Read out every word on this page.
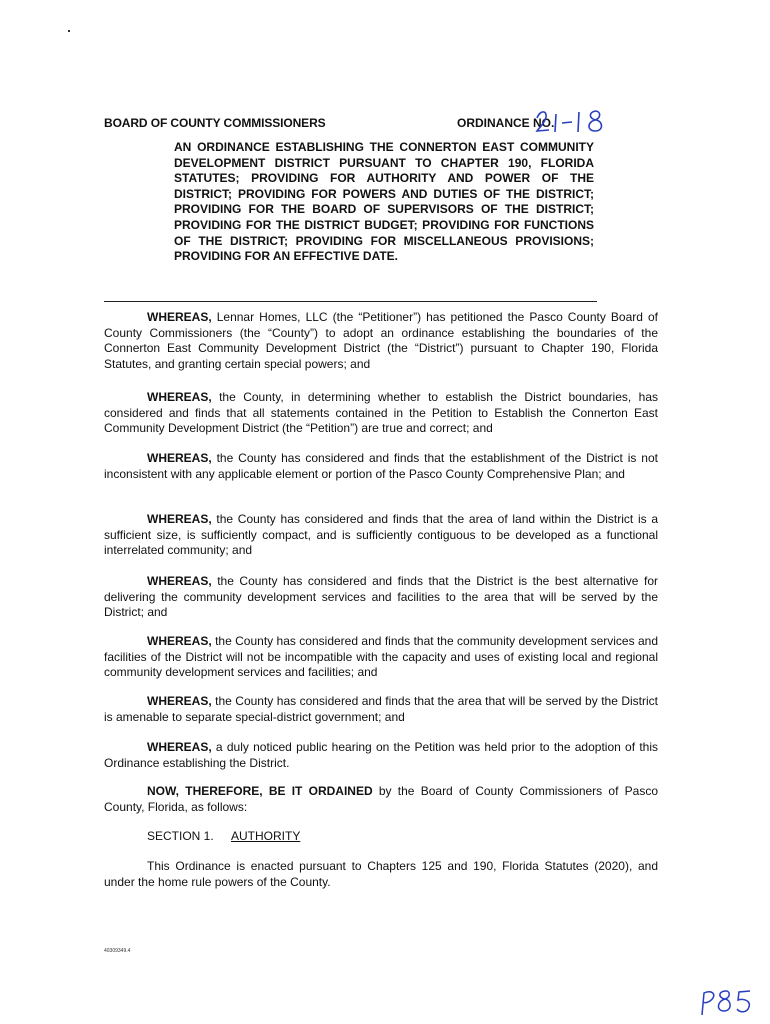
BOARD OF COUNTY COMMISSIONERS	ORDINANCE NO.
AN ORDINANCE ESTABLISHING THE CONNERTON EAST COMMUNITY DEVELOPMENT DISTRICT PURSUANT TO CHAPTER 190, FLORIDA STATUTES; PROVIDING FOR AUTHORITY AND POWER OF THE DISTRICT; PROVIDING FOR POWERS AND DUTIES OF THE DISTRICT; PROVIDING FOR THE BOARD OF SUPERVISORS OF THE DISTRICT; PROVIDING FOR THE DISTRICT BUDGET; PROVIDING FOR FUNCTIONS OF THE DISTRICT; PROVIDING FOR MISCELLANEOUS PROVISIONS; PROVIDING FOR AN EFFECTIVE DATE.

WHEREAS, Lennar Homes, LLC (the “Petitioner”) has petitioned the Pasco County Board of County Commissioners (the “County”) to adopt an ordinance establishing the boundaries of the Connerton East Community Development District (the “District”) pursuant to Chapter 190, Florida Statutes, and granting certain special powers; and

WHEREAS, the County, in determining whether to establish the District boundaries, has considered and finds that all statements contained in the Petition to Establish the Connerton East Community Development District (the “Petition”) are true and correct; and

WHEREAS, the County has considered and finds that the establishment of the District is not inconsistent with any applicable element or portion of the Pasco County Comprehensive Plan; and

WHEREAS, the County has considered and finds that the area of land within the District is a sufficient size, is sufficiently compact, and is sufficiently contiguous to be developed as a functional interrelated community; and

WHEREAS, the County has considered and finds that the District is the best alternative for delivering the community development services and facilities to the area that will be served by the District; and

WHEREAS, the County has considered and finds that the community development services and facilities of the District will not be incompatible with the capacity and uses of existing local and regional community development services and facilities; and

WHEREAS, the County has considered and finds that the area that will be served by the District is amenable to separate special-district government; and

WHEREAS, a duly noticed public hearing on the Petition was held prior to the adoption of this Ordinance establishing the District.

NOW, THEREFORE, BE IT ORDAINED by the Board of County Commissioners of Pasco County, Florida, as follows:

SECTION 1. AUTHORITY

This Ordinance is enacted pursuant to Chapters 125 and 190, Florida Statutes (2020), and under the home rule powers of the County.

40309349.4
